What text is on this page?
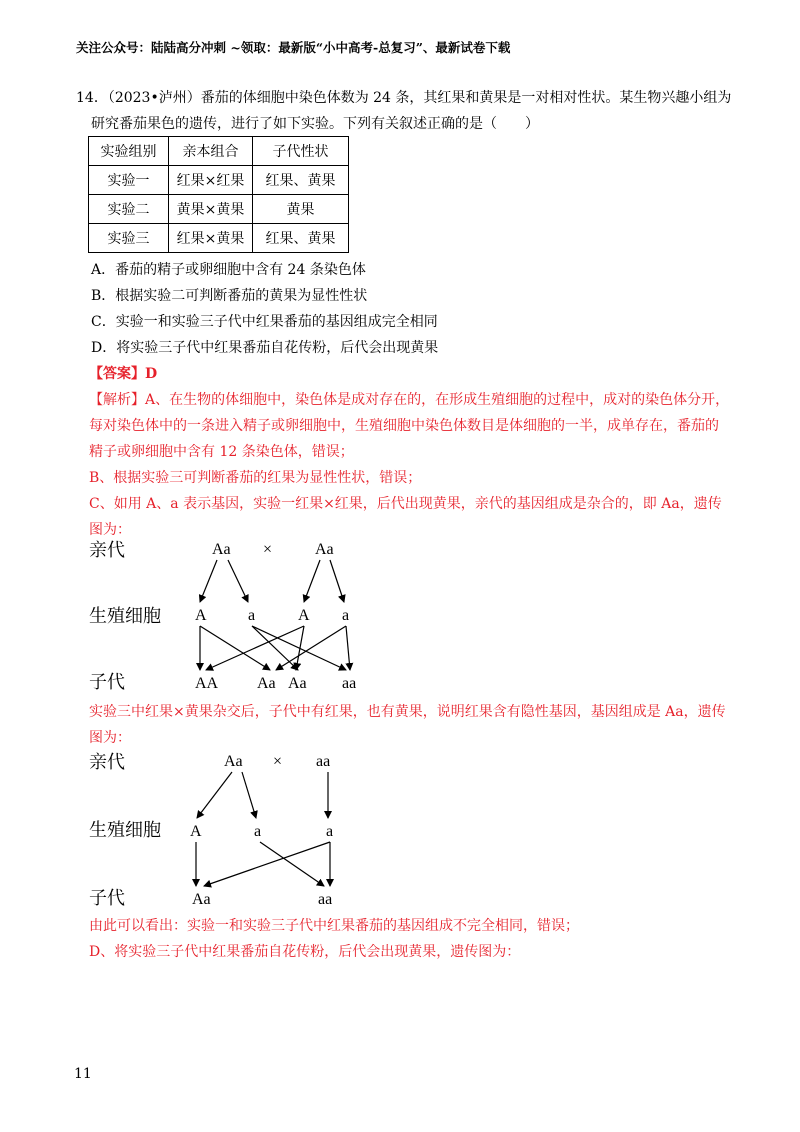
关注公众号：陆陆高分冲刺 ~领取：最新版“小中高考-总复习”、最新试卷下载
14．（2023•泸州）番茄的体细胞中染色体数为 24 条，其红果和黄果是一对相对性状。某生物兴趣小组为
研究番茄果色的遗传，进行了如下实验。下列有关叙述正确的是（　　）
实验组别	亲本组合	子代性状
实验一	红果×红果	红果、黄果
实验二	黄果×黄果	黄果
实验三	红果×黄果	红果、黄果
A．番茄的精子或卵细胞中含有 24 条染色体
B．根据实验二可判断番茄的黄果为显性性状
C．实验一和实验三子代中红果番茄的基因组成完全相同
D．将实验三子代中红果番茄自花传粉，后代会出现黄果
【答案】D
【解析】A、在生物的体细胞中，染色体是成对存在的，在形成生殖细胞的过程中，成对的染色体分开，
每对染色体中的一条进入精子或卵细胞中，生殖细胞中染色体数目是体细胞的一半，成单存在，番茄的
精子或卵细胞中含有 12 条染色体，错误；
B、根据实验三可判断番茄的红果为显性性状，错误；
C、如用 A、a 表示基因，实验一红果×红果，后代出现黄果，亲代的基因组成是杂合的，即 Aa，遗传
图为：
亲代
生殖细胞
子代
Aa ×	Aa
A	a	A a
AA Aa Aa aa
实验三中红果×黄果杂交后，子代中有红果，也有黄果，说明红果含有隐性基因，基因组成是 Aa，遗传
图为：
亲代
生殖细胞
子代
Aa × aa
A	a	a
Aa	aa
由此可以看出：实验一和实验三子代中红果番茄的基因组成不完全相同，错误；
D、将实验三子代中红果番茄自花传粉，后代会出现黄果，遗传图为：
11
